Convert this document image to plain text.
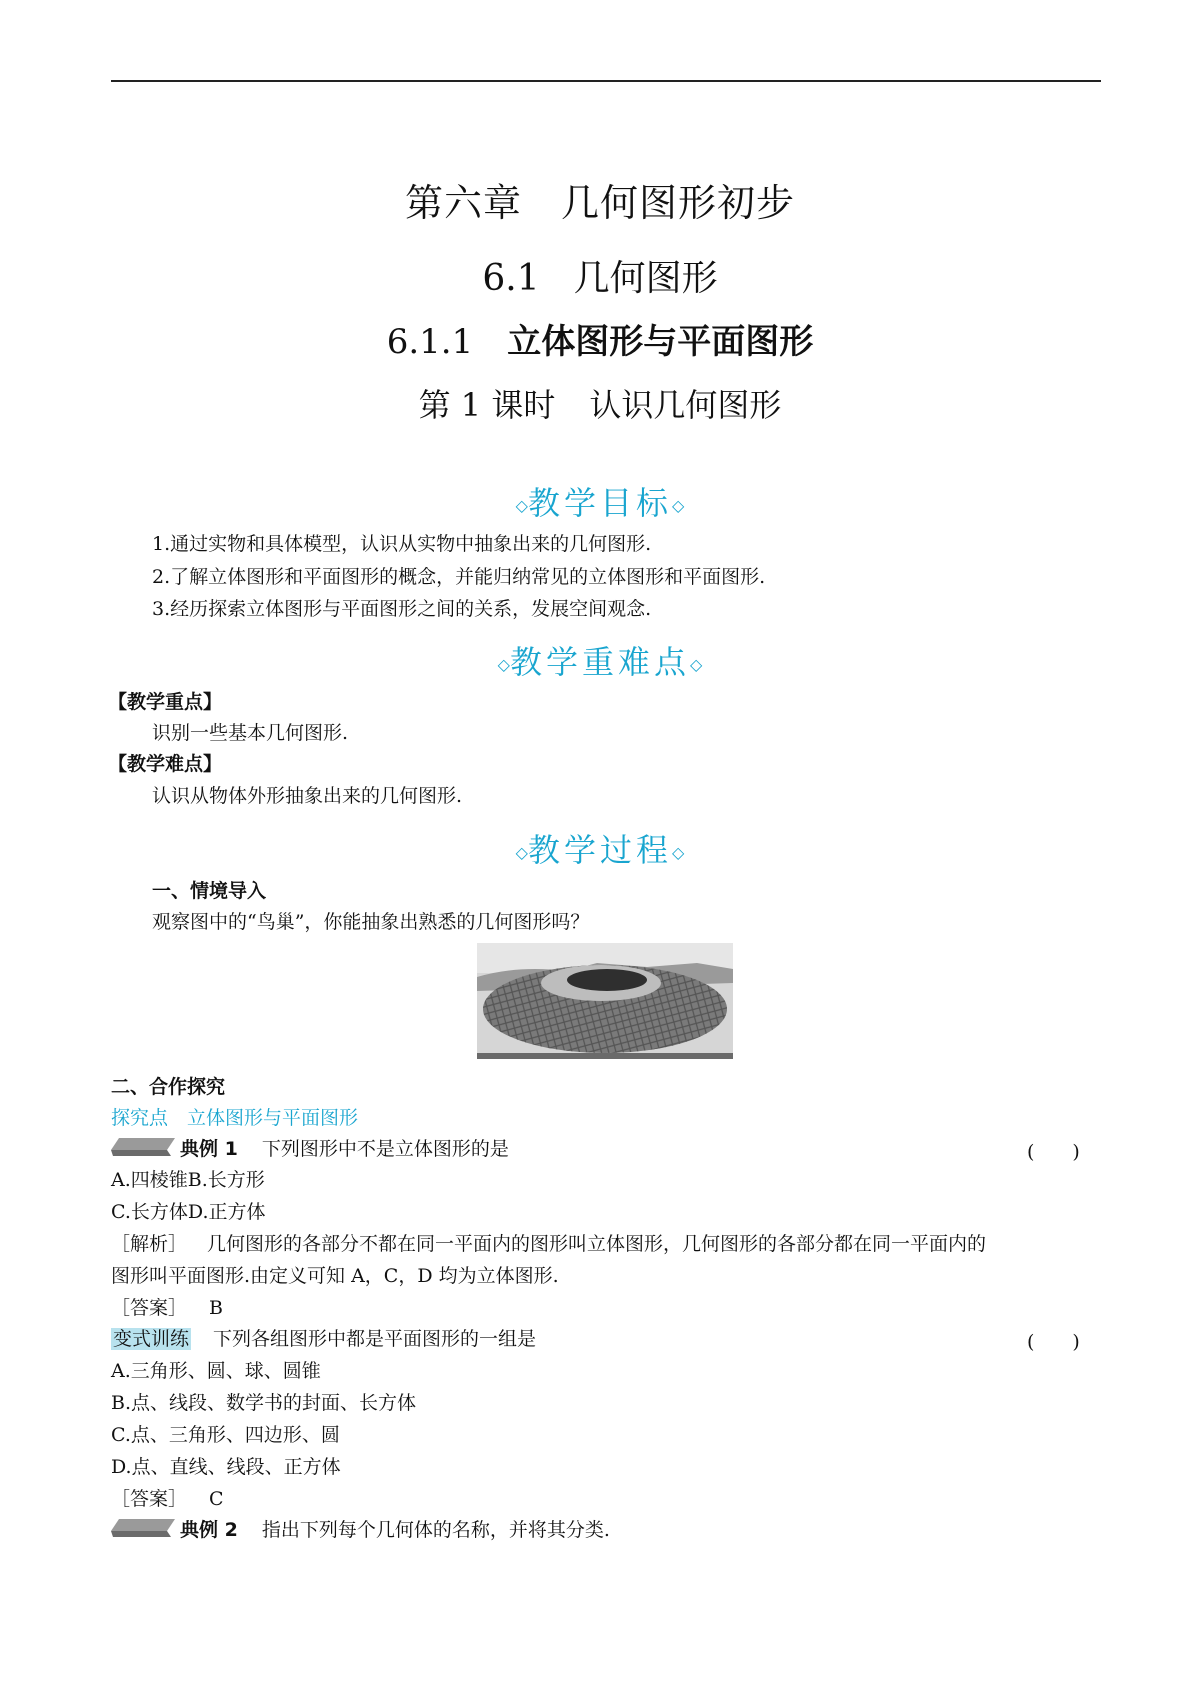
第六章　几何图形初步
6.1 几何图形
6.1.1 立体图形与平面图形
第 1 课时 认识几何图形
◇教学目标◇
1.通过实物和具体模型，认识从实物中抽象出来的几何图形.
2.了解立体图形和平面图形的概念，并能归纳常见的立体图形和平面图形.
3.经历探索立体图形与平面图形之间的关系，发展空间观念.
◇教学重难点◇
【教学重点】
识别一些基本几何图形.
【教学难点】
认识从物体外形抽象出来的几何图形.
◇教学过程◇
一、情境导入
观察图中的“鸟巢”，你能抽象出熟悉的几何图形吗？
二、合作探究
探究点　立体图形与平面图形
典例 1 下列图形中不是立体图形的是	(　　)
A.四棱锥B.长方形
C.长方体D.正方体
［解析］ 几何图形的各部分不都在同一平面内的图形叫立体图形，几何图形的各部分都在同一平面内的
图形叫平面图形.由定义可知 A，C，D 均为立体图形.
［答案］ B
变式训练 下列各组图形中都是平面图形的一组是	(　　)
A.三角形、圆、球、圆锥
B.点、线段、数学书的封面、长方体
C.点、三角形、四边形、圆
D.点、直线、线段、正方体
［答案］ C
典例 2 指出下列每个几何体的名称，并将其分类.
